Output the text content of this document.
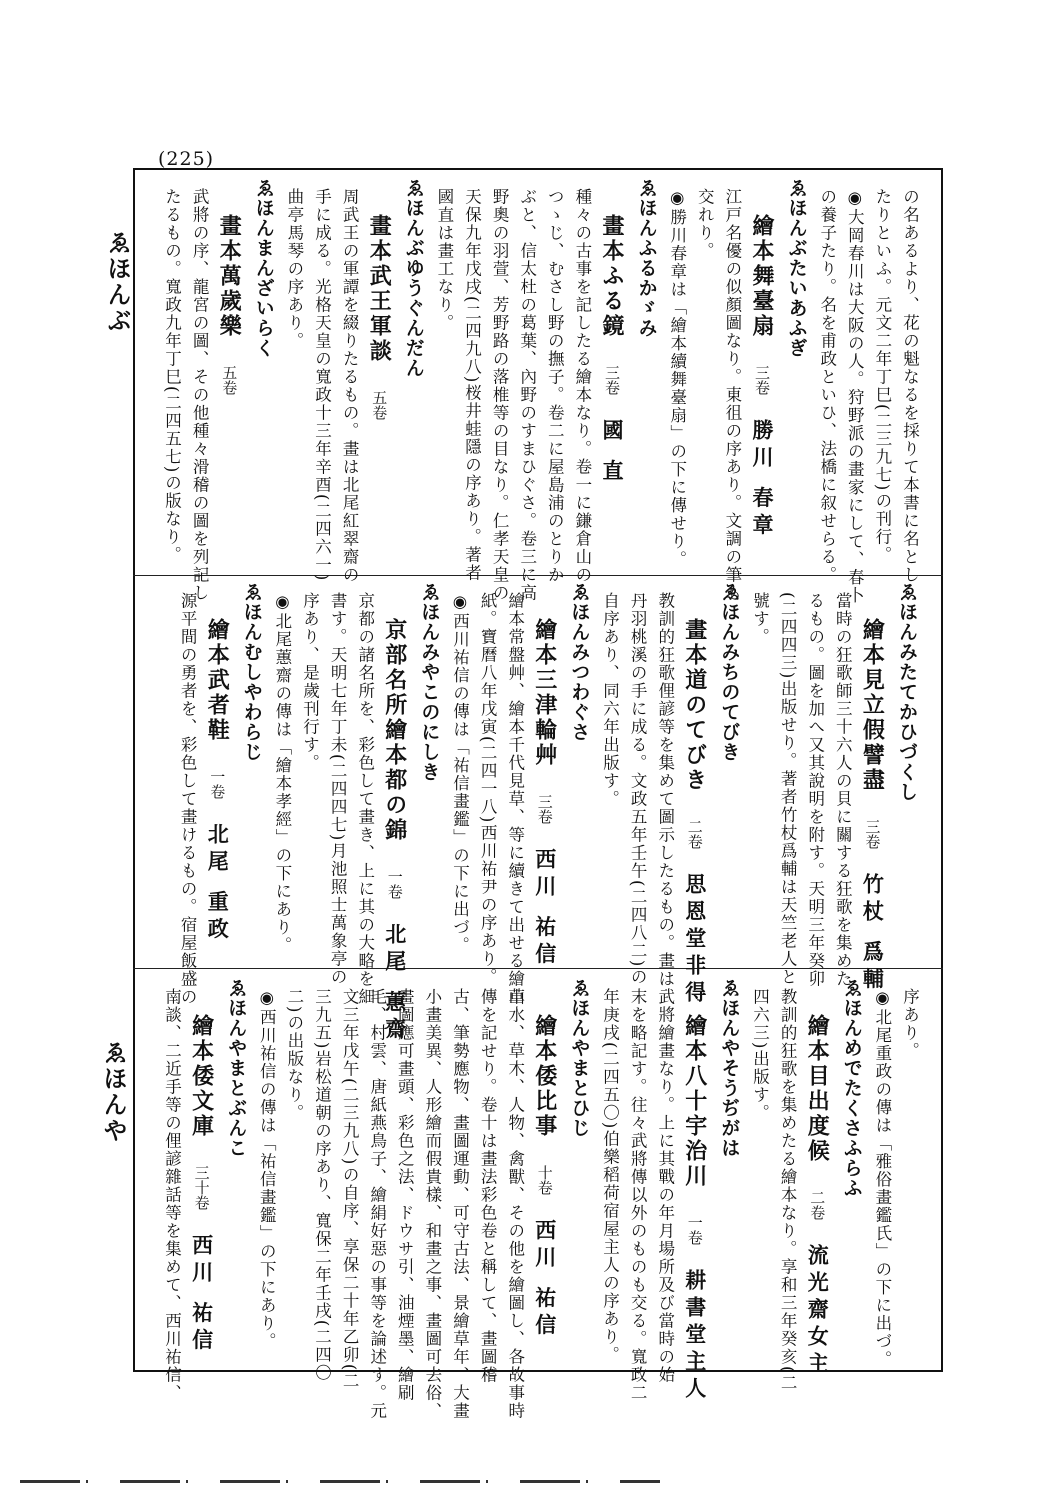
(225)
ゑほんぶ
ゑほんや
の名あるより、花の魁なるを採りて本書に名とし
たりといふ。元文二年丁巳(二三九七)の刊行。
◉大岡春川は大阪の人。狩野派の畫家にして、春卜
の養子たり。名を甫政といひ、法橋に叙せらる。
ゑほんぶたいあふぎ
繪本舞臺扇三卷勝川 春章
江戸名優の似顏圖なり。東徂の序あり。文調の筆も
交れり。
◉勝川春章は「繪本續舞臺扇」の下に傳せり。
ゑほんふるかゞみ
畫本ふる鏡三卷國 直
種々の古事を記したる繪本なり。卷一に鎌倉山の
つゝじ、むさし野の撫子。卷二に屋島浦のとりか
ぶと、信太杜の葛葉、內野のすまひぐさ。卷三に高
野奧の羽萱、芳野路の落椎等の目なり。仁孝天皇の
天保九年戊戌(二四九八)桜井蛙隱の序あり。著者
國直は畫工なり。
ゑほんぶゆうぐんだん
畫本武王軍談五卷
周武王の軍譚を綴りたるもの。畫は北尾紅翠齋の
手に成る。光格天皇の寬政十三年辛酉(二四六一)
曲亭馬琴の序あり。
ゑほんまんざいらく
畫本萬歲樂五卷
武將の序、龍宮の圖、その他種々滑稽の圖を列記し
たるもの。寬政九年丁巳(二四五七)の版なり。
ゑほんみたてかひづくし
繪本見立假譬盡三卷竹杖 爲輔
當時の狂歌師三十六人の貝に關する狂歌を集めた
るもの。圖を加へ又其說明を附す。天明三年癸卯
(二四四三)出版せり。著者竹杖爲輔は天竺老人と
號す。
ゑほんみちのてびき
畫本道のてびき二卷思恩堂非得
教訓的狂歌俚諺等を集めて圖示したるもの。畫は
丹羽桃溪の手に成る。文政五年壬午(二四八二)の
自序あり、同六年出版す。
ゑほんみつわぐさ
繪本三津輪艸三卷西川 祐信
繪本常盤艸、繪本千代見草、等に續きて出せる繪草
紙。寶曆八年戊寅(二四一八)西川祐尹の序あり。
◉西川祐信の傳は「祐信畫鑑」の下に出づ。
ゑほんみやこのにしき
京部名所繪本都の錦一卷北尾 蕙齋
京都の諸名所を、彩色して畫き、上に其の大略を細
書す。天明七年丁未(二四四七)月池照士萬象亭の
序あり、是歲刊行す。
◉北尾蕙齋の傳は「繪本孝經」の下にあり。
ゑほんむしやわらじ
繪本武者鞋一卷北尾 重政
源平間の勇者を、彩色して畫けるもの。宿屋飯盛の
序あり。
◉北尾重政の傳は「雅俗畫鑑氏」の下に出づ。
ゑほんめでたくさふらふ
繪本目出度候二卷流光齋女主
教訓的狂歌を集めたる繪本なり。享和三年癸亥(二
四六三)出版す。
ゑほんやそうぢがは
繪本八十宇治川一卷耕書堂主人
武將繪畫なり。上に其戰の年月場所及び當時の始
末を略記す。往々武將傳以外のものも交る。寬政二
年庚戌(二四五〇)伯樂稻荷宿屋主人の序あり。
ゑほんやまとひじ
繪本倭比事十卷西川 祐信
山水、草木、人物、禽獸、その他を繪圖し、各故事時
傳を記せり。卷十は畫法彩色卷と稱して、畫圖稽
古、筆勢應物、畫圖運動、可守古法、景繪草年、大畫
小畫美異、人形繪而假貴樣、和畫之事、畫圖可去俗、
畫圖應可畫頭、彩色之法、ドウサ引、油煙墨、繪刷
毛、村雲、唐紙燕鳥子、繪絹好惡の事等を論述す。元
文三年戊午(二三九八)の自序、享保二十年乙卯(二
三九五)岩松道朝の序あり、寬保二年壬戌(二四〇
二)の出版なり。
◉西川祐信の傳は「祐信畫鑑」の下にあり。
ゑほんやまとぶんこ
繪本倭文庫三十卷西川 祐信
南談、二近手等の俚諺雜話等を集めて、西川祐信、
